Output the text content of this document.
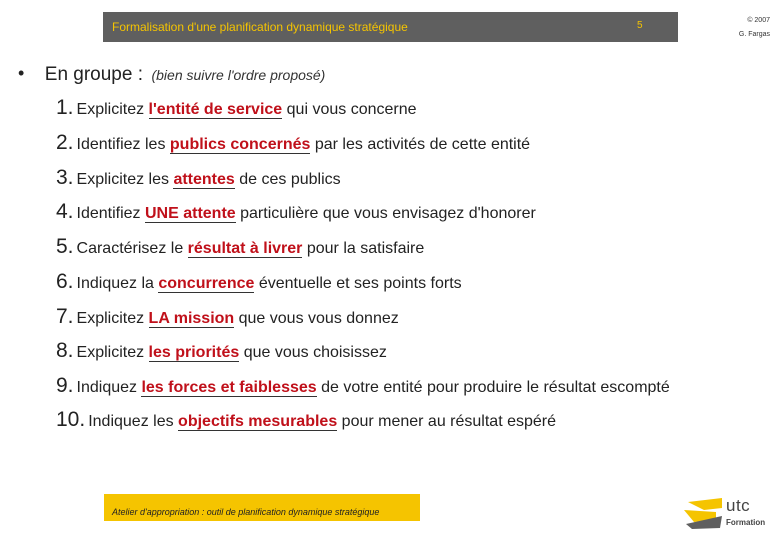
Formalisation d'une planification dynamique stratégique	5	© 2007
G. Fargas
• En groupe : (bien suivre l'ordre proposé)
1. Explicitez l'entité de service qui vous concerne
2. Identifiez les publics concernés par les activités de cette entité
3. Explicitez les attentes de ces publics
4. Identifiez UNE attente particulière que vous envisagez d'honorer
5. Caractérisez le résultat à livrer pour la satisfaire
6. Indiquez la concurrence éventuelle et ses points forts
7. Explicitez LA mission que vous vous donnez
8. Explicitez les priorités que vous choisissez
9. Indiquez les forces et faiblesses de votre entité pour produire le résultat escompté
10. Indiquez les objectifs mesurables pour mener au résultat espéré
Atelier d'appropriation : outil de planification dynamique stratégique	utc
Formation
